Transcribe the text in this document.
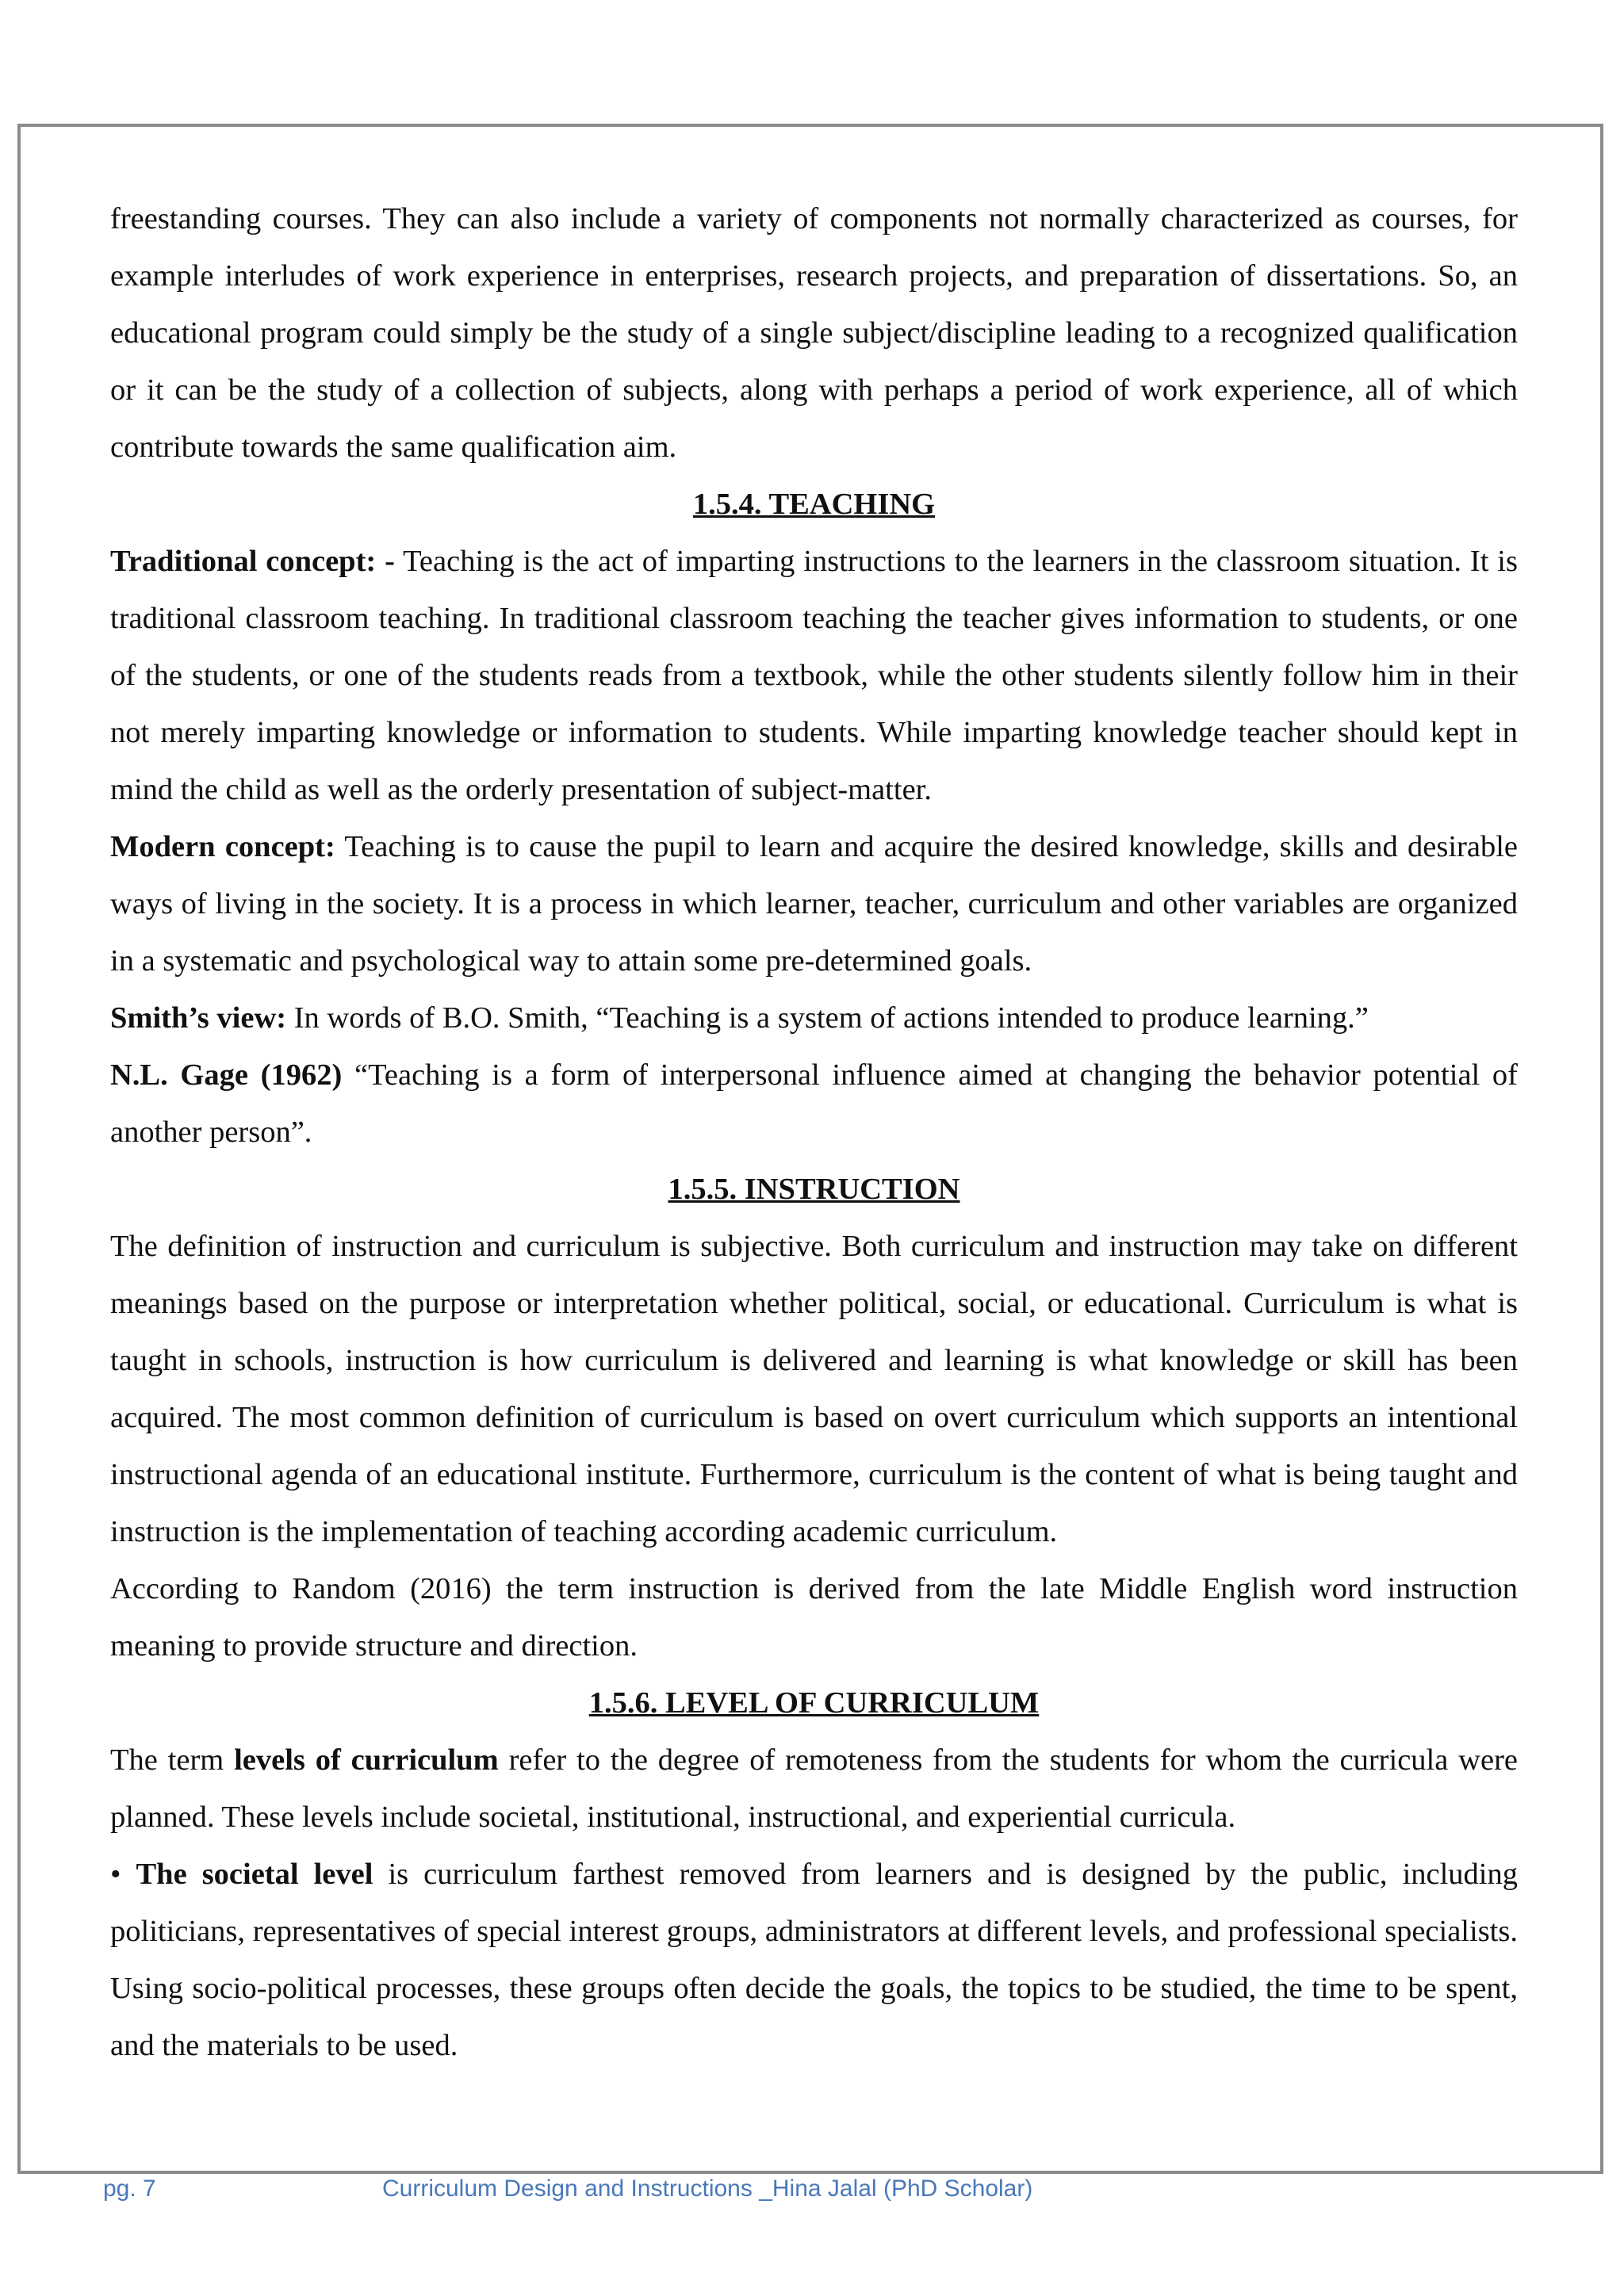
freestanding courses. They can also include a variety of components not normally characterized as courses, for example interludes of work experience in enterprises, research projects, and preparation of dissertations. So, an educational program could simply be the study of a single subject/discipline leading to a recognized qualification or it can be the study of a collection of subjects, along with perhaps a period of work experience, all of which contribute towards the same qualification aim.

1.5.4. TEACHING

Traditional concept: - Teaching is the act of imparting instructions to the learners in the classroom situation. It is traditional classroom teaching. In traditional classroom teaching the teacher gives information to students, or one of the students, or one of the students reads from a textbook, while the other students silently follow him in their not merely imparting knowledge or information to students. While imparting knowledge teacher should kept in mind the child as well as the orderly presentation of subject-matter.

Modern concept: Teaching is to cause the pupil to learn and acquire the desired knowledge, skills and desirable ways of living in the society. It is a process in which learner, teacher, curriculum and other variables are organized in a systematic and psychological way to attain some pre-determined goals.

Smith’s view: In words of B.O. Smith, “Teaching is a system of actions intended to produce learning.”

N.L. Gage (1962) “Teaching is a form of interpersonal influence aimed at changing the behavior potential of another person”.

1.5.5. INSTRUCTION

The definition of instruction and curriculum is subjective. Both curriculum and instruction may take on different meanings based on the purpose or interpretation whether political, social, or educational. Curriculum is what is taught in schools, instruction is how curriculum is delivered and learning is what knowledge or skill has been acquired. The most common definition of curriculum is based on overt curriculum which supports an intentional instructional agenda of an educational institute. Furthermore, curriculum is the content of what is being taught and instruction is the implementation of teaching according academic curriculum.

According to Random (2016) the term instruction is derived from the late Middle English word instruction meaning to provide structure and direction.

1.5.6. LEVEL OF CURRICULUM

The term levels of curriculum refer to the degree of remoteness from the students for whom the curricula were planned. These levels include societal, institutional, instructional, and experiential curricula.

• The societal level is curriculum farthest removed from learners and is designed by the public, including politicians, representatives of special interest groups, administrators at different levels, and professional specialists. Using socio-political processes, these groups often decide the goals, the topics to be studied, the time to be spent, and the materials to be used.

pg. 7	Curriculum Design and Instructions _Hina Jalal (PhD Scholar)
